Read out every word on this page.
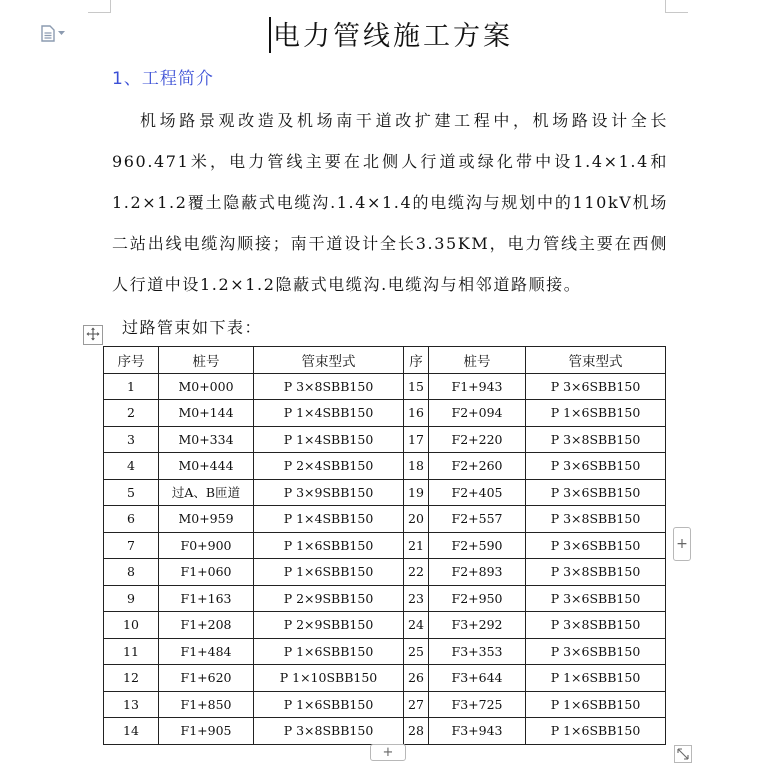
电力管线施工方案
1、工程简介
机场路景观改造及机场南干道改扩建工程中，机场路设计全长960.471米，电力管线主要在北侧人行道或绿化带中设1.4×1.4和1.2×1.2覆土隐蔽式电缆沟.1.4×1.4的电缆沟与规划中的110kV机场二站出线电缆沟顺接；南干道设计全长3.35KM，电力管线主要在西侧人行道中设1.2×1.2隐蔽式电缆沟.电缆沟与相邻道路顺接。
过路管束如下表：
序号	桩号	管束型式	序	桩号	管束型式
1	M0+000	P 3×8SBB150	15	F1+943	P 3×6SBB150
2	M0+144	P 1×4SBB150	16	F2+094	P 1×6SBB150
3	M0+334	P 1×4SBB150	17	F2+220	P 3×8SBB150
4	M0+444	P 2×4SBB150	18	F2+260	P 3×6SBB150
5	过A、B匝道	P 3×9SBB150	19	F2+405	P 3×6SBB150
6	M0+959	P 1×4SBB150	20	F2+557	P 3×8SBB150
7	F0+900	P 1×6SBB150	21	F2+590	P 3×6SBB150
8	F1+060	P 1×6SBB150	22	F2+893	P 3×8SBB150
9	F1+163	P 2×9SBB150	23	F2+950	P 3×6SBB150
10	F1+208	P 2×9SBB150	24	F3+292	P 3×8SBB150
11	F1+484	P 1×6SBB150	25	F3+353	P 3×6SBB150
12	F1+620	P 1×10SBB150	26	F3+644	P 1×6SBB150
13	F1+850	P 1×6SBB150	27	F3+725	P 1×6SBB150
14	F1+905	P 3×8SBB150	28	F3+943	P 1×6SBB150
+
+
